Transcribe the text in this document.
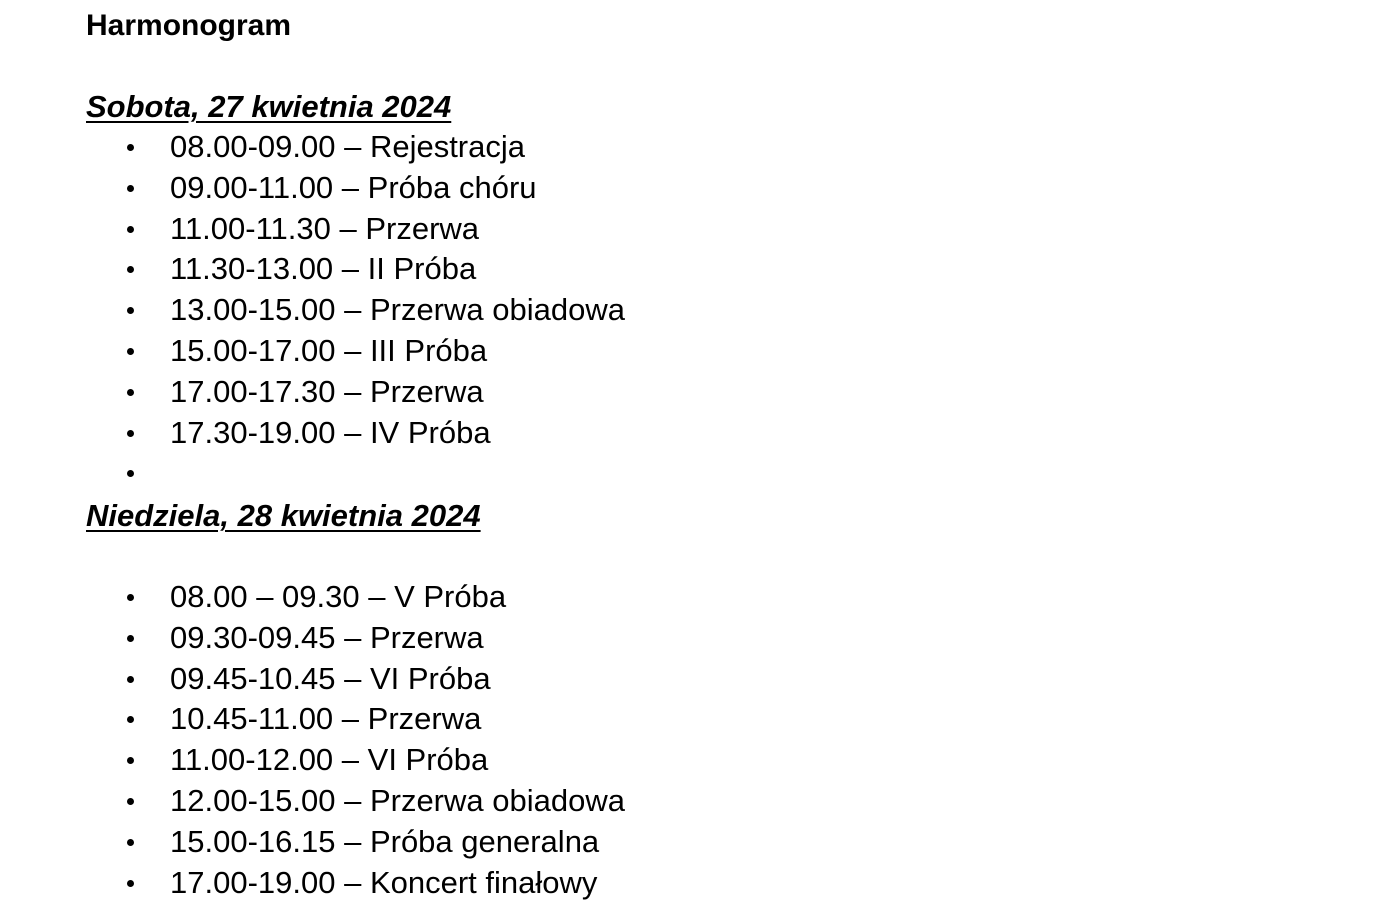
Harmonogram
Sobota, 27 kwietnia 2024
08.00-09.00 – Rejestracja
09.00-11.00 – Próba chóru
11.00-11.30 – Przerwa
11.30-13.00 – II Próba
13.00-15.00 – Przerwa obiadowa
15.00-17.00 – III Próba
17.00-17.30 – Przerwa
17.30-19.00 – IV Próba
Niedziela, 28 kwietnia 2024
08.00 – 09.30 – V Próba
09.30-09.45 – Przerwa
09.45-10.45 – VI Próba
10.45-11.00 – Przerwa
11.00-12.00 – VI Próba
12.00-15.00 – Przerwa obiadowa
15.00-16.15 – Próba generalna
17.00-19.00 – Koncert finałowy
